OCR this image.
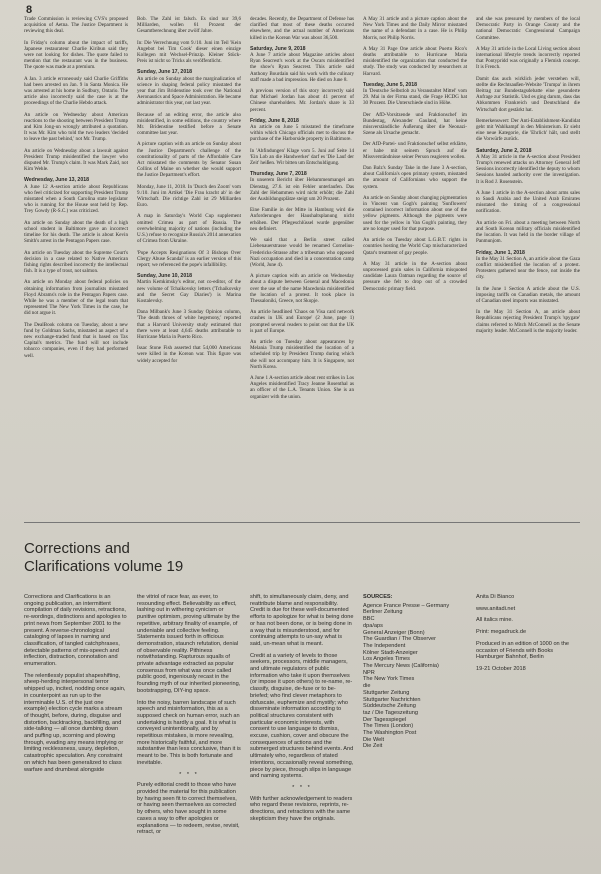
8

Trade Commission is reviewing CVS's proposed acquisition of Aetna. The Justice Department is reviewing this deal.

In Friday's column about the impact of tariffs, Japanese restaurateur Charlie Kiribun said they were not looking for dishes. The quote failed to mention that the restaurant was in the business. The quote was made at a premium.

A Jan. 3 article erroneously said Charlie Griffiths had been arrested on Jan. 9 in Santa Monica. He was arrested at his home in Sudbury, Ontario. The article also incorrectly said the case is at the proceedings of the Charlie Hebdo attack.

An article on Wednesday about American reactions to the shooting between President Trump and Kim Jong-un wrongly attributed a quotation. It was Mr. Kim who told the two leaders 'decided to leave the past behind,' not Mr. Trump.

An article on Wednesday about a lawsuit against President Trump misidentified the lawyer who disputed Mr. Trump's claim. It was Mark Zaid, not Kim Wehle.

Wednesday, June 13, 2018

A June 12 A-section article about Republicans who feel criticized for supporting President Trump misstated when a South Carolina state legislator who is running for the House seat held by Rep. Trey Gowdy (R-S.C.) was criticized.

An article on Sunday about the death of a high school student in Baltimore gave an incorrect timeline for his death. The article is about Kevin Smith's arrest in the Pentagon Papers case.

An article on Tuesday about the Supreme Court's decision in a case related to Native American fishing rights described incorrectly the intellectual fish. It is a type of trout, not salmon.

An article on Monday about federal policies on obtaining information from journalists misstated Floyd Abrams's role in the Pentagon Papers case. While he was a member of the legal team that represented The New York Times in the case, he did not argue it.

The DealBook column on Tuesday, about a new fund by Goldman Sachs, misstated an aspect of a new exchange-traded fund that is based on Tax Capital's metrics. The fund will not include tobacco companies, even if they had performed well.

Bob. The Zahl ist falsch. Es sind nur 39,6 Milliarden, wollen 61 Prozent der Gesamtberechnung über zwölf Jahre.

In: Die Verrechnung vom 9./10. Juni im Teil 'Kein Angebot bei Tim Cook' dieser einen einzige Kollegen mit Wechsel-Prinzip. Kleiner Stück-Preis ist nicht so Tricks als veröffentlicht.

Sunday, June 17, 2018

An article on Sunday about the marginalization of science in shaping federal policy misstated the year that Jim Bridenstine took over the National Aeronautics and Space Administration. He became administrator this year, not last year.

Because of an editing error, the article also misidentified, in some editions, the country where Mr. Bridenstine testified before a Senate committee last year.

A picture caption with an article on Sunday about the Justice Department's challenge of the constitutionality of parts of the Affordable Care Act misstated the comments by Senator Susan Collins of Maine on whether she would support the Justice Department's effort.

Monday, June 11, 2018. In 'Durch den Zoom' vom 9./10. Juni im Artikel 'Die Frau kracht ab' in der Wirtschaft. Die richtige Zahl ist 29 Milliarden Euro.

A map in Saturday's World Cup supplement omitted Crimea as part of Russia. The overwhelming majority of nations (including the U.S.) refuse to recognize Russia's 2014 annexation of Crimea from Ukraine.

'Pope Accepts Resignations Of 3 Bishops Over Clergy Abuse Scandal' is an earlier version of this report; we referenced the pope's infallibility.

Sunday, June 10, 2018

Martin Kemkimsky's editor, not co-editor, of the new volume of Tchaikovsky letters ('Tchaikovsky and the Secret Gay Diaries') is Marina Kostalevsky.

Dana Milbank's June 3 Sunday Opinion column, 'The death throes of white hegemony,' reported that a Harvard University study estimated that there were at least 4,645 deaths attributable to Hurricane Maria in Puerto Rico.

Issac Stone Fish asserted that 54,000 Americans were killed in the Korean war. This figure was widely accepted for

decades. Recently, the Department of Defense has clarified that most of these deaths occurred elsewhere, and the actual number of Americans killed in the Korean War was about 36,500.

Saturday, June 9, 2018

A June 7 article about Magazine articles about Ryan Seacrest's work at the Oscars misidentified the show's Ryan Seacrest. This article said Anthony Bourdain said his work with the culinary staff made a bad impression. He died on June 8.

A previous version of this story incorrectly said that Michael Jordan has about 41 percent of Chinese shareholders. Mr. Jordan's share is 33 percent.

Friday, June 8, 2018

An article on June 5 misstated the timeframe within which Chicago officials met to discuss the purchase of the Harborside property in Baltimore.

In 'Abfindungen' Klage vom 5. Juni auf Seite 14 'Ein Lob an die Handwerker' darf es 'Die Lauf der Zeit' heißen. Wir bitten um Entschuldigung.

Thursday, June 7, 2018

In unserem Bericht über Hebammenmangel am Dienstag, 27.6. ist ein Fehler unterlaufen. Das Zahl der Hebammen wird nicht erhöht; die Zahl der Ausbildungsplätze steigt um 20 Prozent.

Eine Familie in der Mitte in Hamburg wird die Anforderungen der Haushaltsplanung nicht erhöhen. Der Pflegeschlüssel wurde gegenüber neu definiert.

We said that a Berlin street called Liebenauerstrasse would be renamed Cornelius-Fredericks-Strasse after a tribesman who opposed Nazi occupation and died in a concentration camp (World, June 4).

A picture caption with an article on Wednesday about a dispute between General and Macedonia over the use of the name Macedonia misidentified the location of a protest. It took place in Thessaloniki, Greece, not Skopje.

An article headlined 'Chaos on Visa card network crashes in UK and Europe' (2 June, page 1) prompted several readers to point out that the UK is part of Europe.

An article on Tuesday about appearances by Melania Trump misidentified the location of a scheduled trip by President Trump during which she will not accompany him. It is Singapore, not North Korea.

A June 1 A-section article about rent strikes in Los Angeles misidentified Tracy Jeanne Rosenthal as an officer of the L.A. Tenants Union. She is an organizer with the union.

A May 31 article and a picture caption about the New York Times and the Daily Mirror misstated the name of a defendant in a case. He is Philip Morris, not Philip Norris.

A May 31 Page One article about Puerto Rico's deaths attributable to Hurricane Maria misidentified the organization that conducted the study. The study was conducted by researchers at Harvard.

Tuesday, June 5, 2018

In 'Deutsche Selbstlob zu Veranstaltet Mittel' vom 29. Mai in der Firma stand, die Frage HCDG hat 30 Prozent. Die Unterschiede sind in Höhe.

Der AfD-Vorsitzende und Fraktionschef im Bundestag, Alexander Gauland, hat keine missverständliche Äußerung über die Neonazi-Szene als Ursache gemacht.

Der AfD-Partei- und Fraktionschef selbst erklärte, er habe mit seinem Spruch auf die Missverständnisse seiner Person reagieren wollen.

Dan Balz's Sunday Take in the June 3 A-section, about California's open primary system, misstated the amount of Californians who support the system.

An article on Sunday about changing pigmentation in Vincent van Gogh's painting 'Sunflowers' contained incorrect information about one of the yellow pigments. Although the pigments were used for the yellow in Van Gogh's painting, they are no longer used for that purpose.

An article on Tuesday about L.G.B.T. rights in countries hosting the World Cup mischaracterized Qatar's treatment of gay people.

A May 31 article in the A-section about unprocessed grain sales in California misquoted candidate Laura Oatman regarding the source of pressure she felt to drop out of a crowded Democratic primary field.

and she was pressured by members of the local Democratic Party in Orange County and the national Democratic Congressional Campaign Committee.

A May 31 article in the Local Living section about international lifestyle trends incorrectly reported that Pontypridd was originally a Flemish concept. It is French.

Damit das auch wirklich jeder verstehen will, stellte die Rechtsaußen-Website 'Trumpa' in ihrem Beitrag zur Bundestagsdebatte eine gesonderte Anfrage zur Statistik. Und es ging darum, dass das Abkommen Frankreich und Deutschland die Wirtschaft dort gestärkt hat.

Bemerkenswert: Der Anti-Establishment-Kandidat geht mit Wahlkampf in den Ministerium. Er sieht eine neue Kategorie, die 'Ehrlich' hält, und stellt die Vorwürfe zurück.

Saturday, June 2, 2018

A May 31 article in the A-section about President Trump's renewed attacks on Attorney General Jeff Sessions incorrectly identified the deputy to whom Sessions handed authority over the investigation. It is Rod J. Rosenstein.

A June 1 article in the A-section about arms sales to Saudi Arabia and the United Arab Emirates misstated the timing of a congressional notification.

An article on Fri. about a meeting between North and South Korean military officials misidentified the location. It was held in the border village of Panmunjom.

Friday, June 1, 2018

In the May 31 Section A, an article about the Gaza conflict misidentified the location of a protest. Protesters gathered near the fence, not inside the city.

In the June 1 Section A article about the U.S. imposing tariffs on Canadian metals, the amount of Canadian steel imports was misstated.

In the May 31 Section A, an article about Republicans rejecting President Trump's 'spygate' claims referred to Mitch McConnell as the Senate majority leader. McConnell is the majority leader.

Corrections and Clarifications volume 19

Corrections and Clarifications is an ongoing publication, an intermittent compilation of daily revisions, retractions, re-wordings, distinctions and apologies to print news from September 2001 to the present. A reverse-chronological cataloging of lapses in naming and classification, of tangled catchphrases, detectable patterns of mis-speech and inflection, distraction, connotation and enumeration.

The relentlessly populist shapeshifting, sheep-herding interpersonal terror whipped up, incited, nodding once again, in counterpoint as run up to the interminable U.S. of the just one example) election cycle marks a stream of thought, before, during, disguise and distortion, backtracking, backfilling, and side-talking — all once dumbing down and puffing up, scorning and plowing through, evading any means implying or limiting recklessness, usury, depletion, catastrophic speculation. Any constraint on which has been generalized to class warfare and drumbeat alongside

the vitriol of race fear, as ever, to resounding effect. Believability as effect, lashing out in withering cynicism or punitive optimism, proving ultimate by the repetitive, arbitrary finality of example, of undeniable and collective feeling. Statements issued forth in officious demonstration, staunch refutation, denial of observable reality. Pithiness notwithstanding. Rapturous squalls of private advantage extracted as popular consensus from what was once called public good, ingeniously recast in the founding myth of our inherited pioneering, bootstrapping, DIY-ing space.

Into the noisy, barren landscape of such speech and misinformation, this as a supposed check on human error, such an undertaking is hardly a goal. It is what is conveyed unintentionally, and by repetitious mistakes, is more revealing, more historically faithful, and more substantive than less conclusive, than it is meant to be. This is both fortunate and inevitable.

* * *

Purely editorial credit to those who have provided the material for this publication by having seen fit to correct themselves, or having seen themselves as corrected by others, who have sought in some cases a way to offer apologies or explanations — to redeem, revise, revisit, retract, or

shift, to simultaneously claim, deny, and reattribute blame and responsibility. Credit is due for these well-documented efforts to apologize for what is being done or has not been done, or is being done in a way that is misunderstood, and for continuing attempts to un-say what is said, un-mean what is meant.

Credit at a variety of levels to those seekers, processors, middle managers, and ultimate regulators of public information who take it upon themselves (or impose it upon others) to re-name, re-classify, disguise, de-fuse or to be-briefed; who find clever metaphors to obfuscate, euphemize and mystify; who disseminate information according to political structures consistent with particular economic interests, with consent to use language to dismiss, excuse, cushion, cover and obscure the consequences of actions and the submerged structures behind events. And ultimately who, regardless of stated intentions, occasionally reveal something, piece by piece, through slips in language and naming systems.

* * *

With further acknowledgement to readers who regard these revisions, reprints, re-directions, and retractions with the same skepticism they have the originals.

SOURCES:
Agence France Presse – Germany
Berliner Zeitung
BBC
dpa/aps
General Anzeiger (Bonn)
The Guardian / The Observer
The Independent
Kölner Stadt-Anzeiger
Los Angeles Times
The Mercury News (California)
NPR
The New York Times
die
Stuttgarter Zeitung
Stuttgarter Nachrichten
Süddeutsche Zeitung
taz / Die Tageszeitung
Der Tagesspiegel
The Times (London)
The Washington Post
Die Welt
Die Zeit

Anita Di Bianco

www.anitadi.net

All italics mine.

Print: megadruck.de

Produced in an edition of 1000 on the occasion of Friends with Books Hamburger Bahnhof, Berlin

19-21 October 2018
